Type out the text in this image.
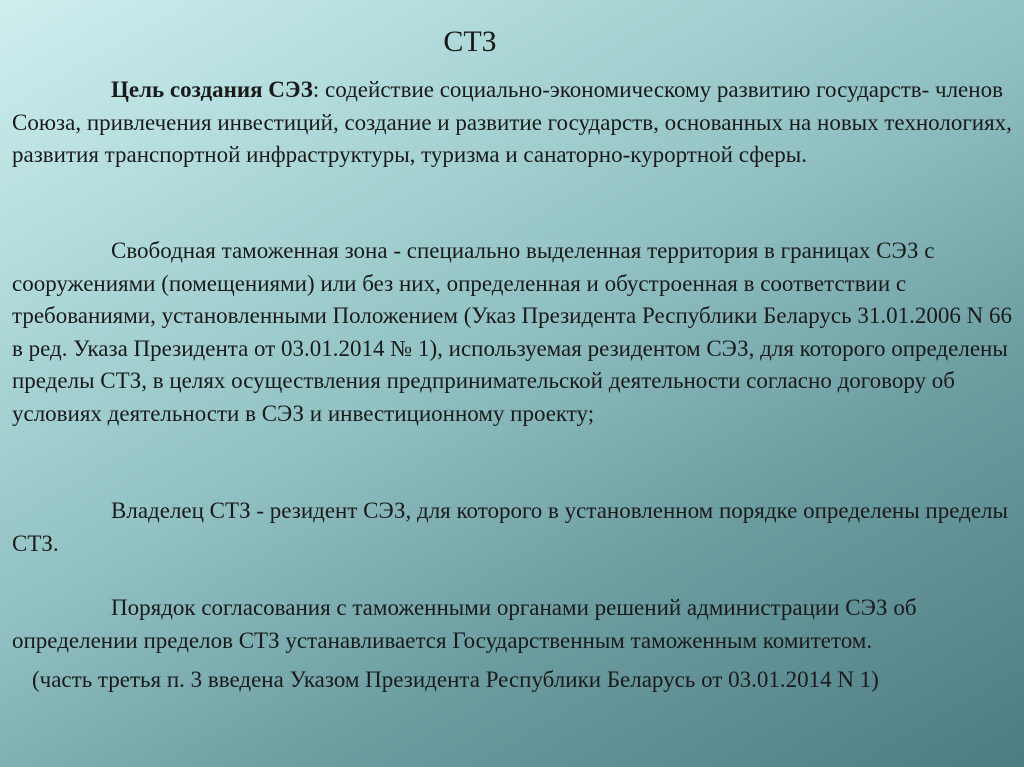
СТЗ

Цель создания СЭЗ: содействие социально-экономическому развитию государств- членов Союза, привлечения инвестиций, создание и развитие государств, основанных на новых технологиях, развития транспортной инфраструктуры, туризма и санаторно-курортной сферы.

Свободная таможенная зона - специально выделенная территория в границах СЭЗ с сооружениями (помещениями) или без них, определенная и обустроенная в соответствии с требованиями, установленными Положением (Указ Президента Республики Беларусь 31.01.2006 N 66 в ред. Указа Президента от 03.01.2014 № 1), используемая резидентом СЭЗ, для которого определены пределы СТЗ, в целях осуществления предпринимательской деятельности согласно договору об условиях деятельности в СЭЗ и инвестиционному проекту;

Владелец СТЗ - резидент СЭЗ, для которого в установленном порядке определены пределы СТЗ.

Порядок согласования с таможенными органами решений администрации СЭЗ об определении пределов СТЗ устанавливается Государственным таможенным комитетом.

(часть третья п. 3 введена Указом Президента Республики Беларусь от 03.01.2014 N 1)
